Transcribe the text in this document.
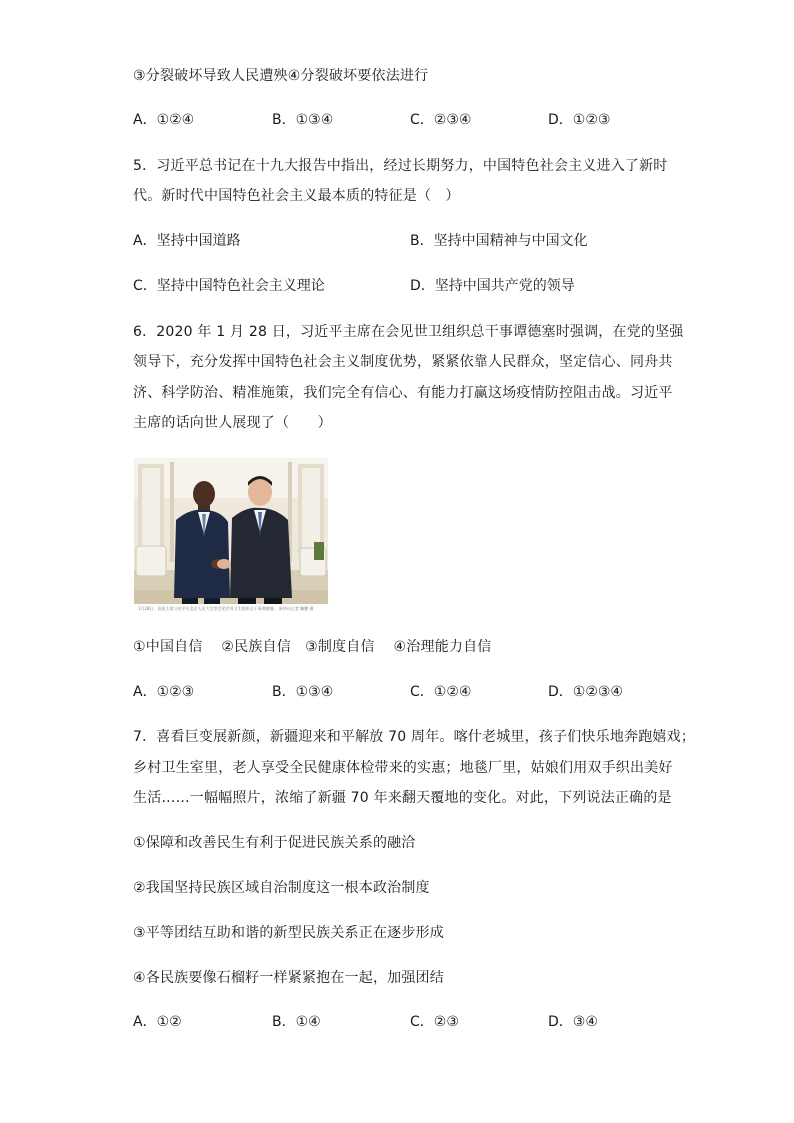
③分裂破坏导致人民遭殃④分裂破坏要依法进行
A．①②④	B．①③④	C．②③④	D．①②③
5．习近平总书记在十九大报告中指出，经过长期努力，中国特色社会主义进入了新时
代。新时代中国特色社会主义最本质的特征是（　）
A．坚持中国道路	B．坚持中国精神与中国文化
C．坚持中国特色社会主义理论	D．坚持中国共产党的领导
6．2020 年 1 月 28 日，习近平主席在会见世卫组织总干事谭德塞时强调，在党的坚强
领导下，充分发挥中国特色社会主义制度优势，紧紧依靠人民群众，坚定信心、同舟共
济、科学防治、精准施策，我们完全有信心、有能力打赢这场疫情防控阻击战。习近平
主席的话向世人展现了（　　）
1月28日，国家主席习近平在北京人民大会堂会见世界卫生组织总干事谭德塞。 新华社记者 鞠鹏 摄
①中国自信　 ②民族自信　③制度自信　 ④治理能力自信
A．①②③	B．①③④	C．①②④	D．①②③④
7．喜看巨变展新颜，新疆迎来和平解放 70 周年。喀什老城里，孩子们快乐地奔跑嬉戏；
乡村卫生室里，老人享受全民健康体检带来的实惠；地毯厂里，姑娘们用双手织出美好
生活……一幅幅照片，浓缩了新疆 70 年来翻天覆地的变化。对此，下列说法正确的是
①保障和改善民生有利于促进民族关系的融洽
②我国坚持民族区域自治制度这一根本政治制度
③平等团结互助和谐的新型民族关系正在逐步形成
④各民族要像石榴籽一样紧紧抱在一起，加强团结
A．①②	B．①④	C．②③	D．③④
